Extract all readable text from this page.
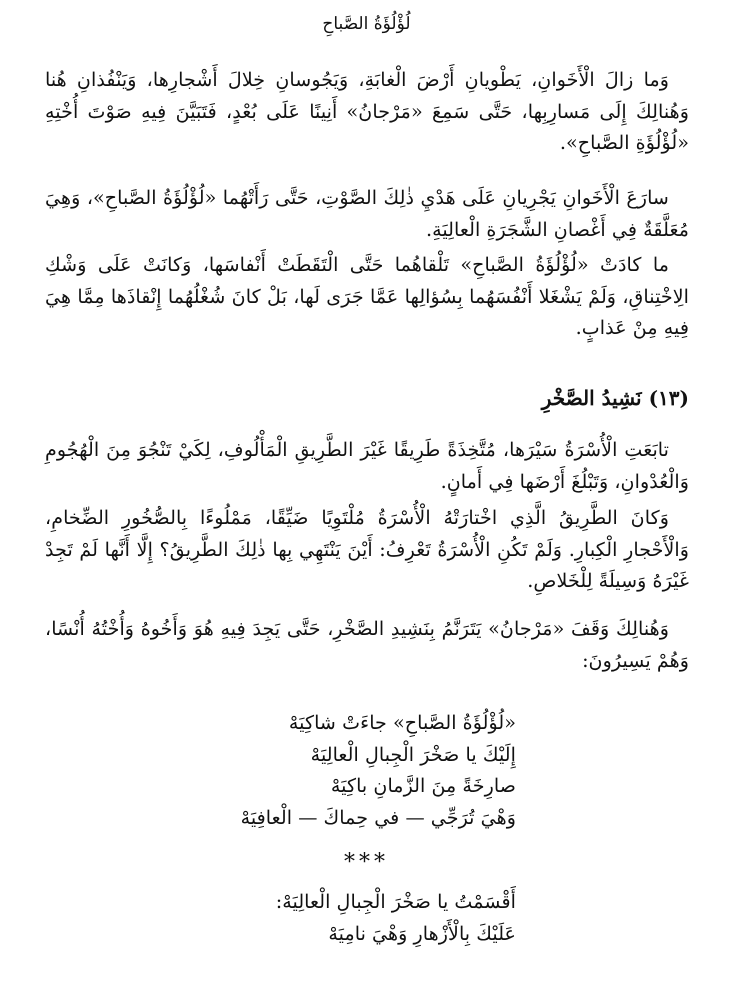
لُؤْلُؤَةُ الصَّباحِ

وَما زالَ الْأَخَوانِ، يَطْويانِ أَرْضَ الْغابَةِ، وَيَجُوسانِ خِلالَ أَشْجارِها، وَيَنْفُذانِ هُنا وَهُنالِكَ إِلَى مَسارِبِها، حَتَّى سَمِعَ «مَرْجانُ» أَنِينًا عَلَى بُعْدٍ، فَتَبَيَّنَ فِيهِ صَوْتَ أُخْتِهِ «لُؤْلُؤَةِ الصَّباحِ».

سارَعَ الْأَخَوانِ يَجْرِيانِ عَلَى هَدْيِ ذٰلِكَ الصَّوْتِ، حَتَّى رَأَتْهُما «لُؤْلُؤَةُ الصَّباحِ»، وَهِيَ مُعَلَّقَةٌ فِي أَغْصانِ الشَّجَرَةِ الْعالِيَةِ.

ما كادَتْ «لُؤْلُؤَةُ الصَّباحِ» تَلْقاهُما حَتَّى الْتَقَطَتْ أَنْفاسَها، وَكانَتْ عَلَى وَشْكِ الِاخْتِناقِ، وَلَمْ يَشْغَلا أَنْفُسَهُما بِسُؤالِها عَمَّا جَرَى لَها، بَلْ كانَ شُغْلُهُما إِنْقاذَها مِمَّا هِيَ فِيهِ مِنْ عَذابٍ.

(١٣) نَشِيدُ الصَّخْرِ

تابَعَتِ الْأُسْرَةُ سَيْرَها، مُتَّخِذَةً طَرِيقًا غَيْرَ الطَّرِيقِ الْمَأْلُوفِ، لِكَيْ تَنْجُوَ مِنَ الْهُجُومِ وَالْعُدْوانِ، وَتَبْلُغَ أَرْضَها فِي أَمانٍ.

وَكانَ الطَّرِيقُ الَّذِي اخْتارَتْهُ الْأُسْرَةُ مُلْتَوِيًا ضَيِّقًا، مَمْلُوءًا بِالصُّخُورِ الضِّخامِ، وَالْأَحْجارِ الْكِبارِ. وَلَمْ تَكُنِ الْأُسْرَةُ تَعْرِفُ: أَيْنَ يَنْتَهِي بِها ذٰلِكَ الطَّرِيقُ؟ إِلَّا أَنَّها لَمْ تَجِدْ غَيْرَهُ وَسِيلَةً لِلْخَلاصِ.

وَهُنالِكَ وَقَفَ «مَرْجانُ» يَتَرَنَّمُ بِنَشِيدِ الصَّخْرِ، حَتَّى يَجِدَ فِيهِ هُوَ وَأَخُوهُ وَأُخْتُهُ أُنْسًا، وَهُمْ يَسِيرُونَ:

«لُؤْلُؤَةُ الصَّباحِ» جاءَتْ شاكِيَهْ
إِلَيْكَ يا صَخْرَ الْجِبالِ الْعالِيَهْ
صارِخَةً مِنَ الزَّمانِ باكِيَهْ
وَهْيَ تُرَجِّي — في حِماكَ — الْعافِيَهْ
***
أَقْسَمْتُ يا صَخْرَ الْجِبالِ الْعالِيَهْ:
عَلَيْكَ بِالْأَزْهارِ وَهْيَ نامِيَهْ
